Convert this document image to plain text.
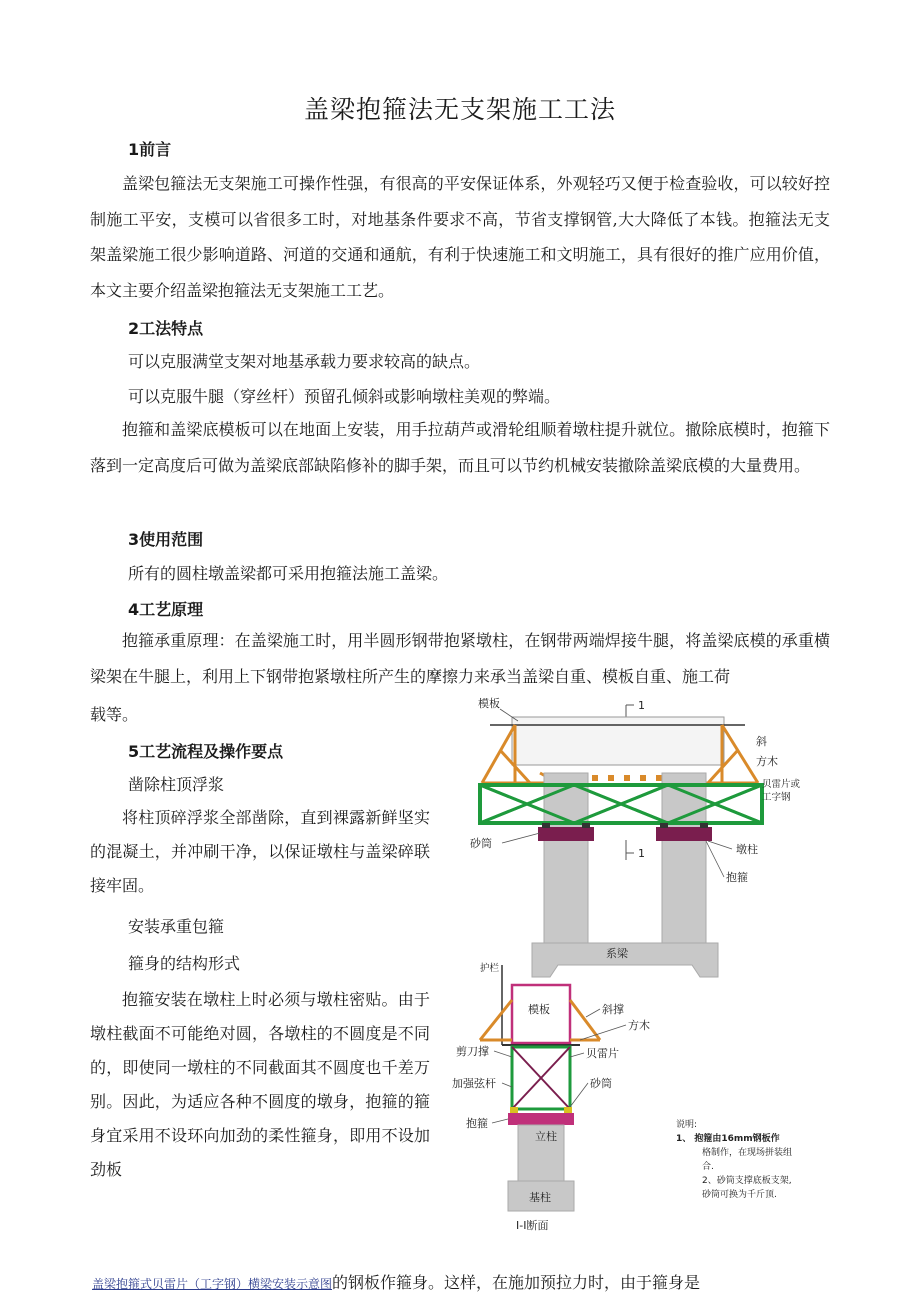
盖梁抱箍法无支架施工工法
1前言

盖梁包箍法无支架施工可操作性强，有很高的平安保证体系，外观轻巧又便于检查验收，可以较好控制施工平安，支模可以省很多工时，对地基条件要求不高，节省支撑钢管,大大降低了本钱。抱箍法无支架盖梁施工很少影响道路、河道的交通和通航，有利于快速施工和文明施工，具有很好的推广应用价值，本文主要介绍盖梁抱箍法无支架施工工艺。

2工法特点
可以克服满堂支架对地基承载力要求较高的缺点。
可以克服牛腿（穿丝杆）预留孔倾斜或影响墩柱美观的弊端。

抱箍和盖梁底模板可以在地面上安装，用手拉葫芦或滑轮组顺着墩柱提升就位。撤除底模时，抱箍下落到一定高度后可做为盖梁底部缺陷修补的脚手架，而且可以节约机械安装撤除盖梁底模的大量费用。

3使用范围
所有的圆柱墩盖梁都可采用抱箍法施工盖梁。
4工艺原理

抱箍承重原理：在盖梁施工时，用半圆形钢带抱紧墩柱，在钢带两端焊接牛腿，将盖梁底模的承重横梁架在牛腿上，利用上下钢带抱紧墩柱所产生的摩擦力来承当盖梁自重、模板自重、施工荷

载等。
5工艺流程及操作要点
凿除柱顶浮浆

将柱顶碎浮浆全部凿除，直到裸露新鲜坚实的混凝土，并冲刷干净，以保证墩柱与盖梁碎联接牢固。

安装承重包箍
箍身的结构形式

抱箍安装在墩柱上时必须与墩柱密贴。由于墩柱截面不可能绝对圆，各墩柱的不圆度是不同的，即使同一墩柱的不同截面其不圆度也千差万别。因此，为适应各种不圆度的墩身，抱箍的箍身宜采用不设环向加劲的柔性箍身，即用不设加劲板

1
模板
斜
方木
贝雷片或
工字钢
砂筒
1	墩柱
抱箍
系梁
护栏
模板	斜撑
方木
剪刀撑	贝雷片
加强弦杆	砂筒
抱箍
立柱
基柱
I-I断面
说明:
1、 抱箍由16mm钢板作
格制作，在现场拼装组
合.
2、砂筒支撑底板支架,
砂筒可换为千斤顶.
盖梁抱箍式贝雷片（工字钢）横梁安装示意图的钢板作箍身。这样，在施加预拉力时，由于箍身是
